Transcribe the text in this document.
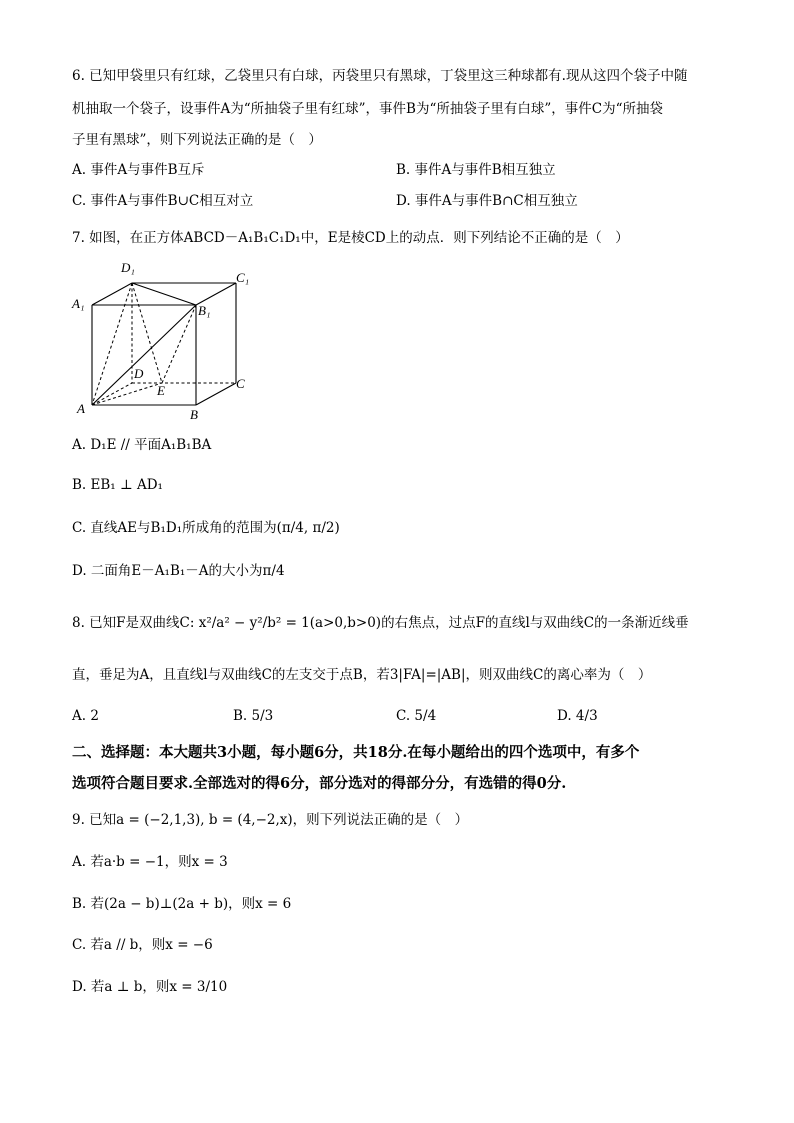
6. 已知甲袋里只有红球，乙袋里只有白球，丙袋里只有黑球，丁袋里这三种球都有.现从这四个袋子中随
机抽取一个袋子，设事件A为“所抽袋子里有红球”，事件B为“所抽袋子里有白球”，事件C为“所抽袋
子里有黑球”，则下列说法正确的是（　）
A. 事件A与事件B互斥	B. 事件A与事件B相互独立
C. 事件A与事件B∪C相互对立	D. 事件A与事件B∩C相互独立
7. 如图，在正方体ABCD－A₁B₁C₁D₁中，E是棱CD上的动点．则下列结论不正确的是（　）
D₁
C₁
A₁	B₁
D
E	C
A	B
A. D₁E // 平面A₁B₁BA
B. EB₁ ⊥ AD₁
C. 直线AE与B₁D₁所成角的范围为(π/4, π/2)
D. 二面角E－A₁B₁－A的大小为π/4
8. 已知F是双曲线C: x²/a² − y²/b² = 1(a>0,b>0)的右焦点，过点F的直线l与双曲线C的一条渐近线垂
直，垂足为A，且直线l与双曲线C的左支交于点B，若3|FA|=|AB|，则双曲线C的离心率为（　）
A. 2	B. 5/3	C. 5/4	D. 4/3
二、选择题：本大题共3小题，每小题6分，共18分.在每小题给出的四个选项中，有多个
选项符合题目要求.全部选对的得6分，部分选对的得部分分，有选错的得0分.
9. 已知a = (−2,1,3), b = (4,−2,x)，则下列说法正确的是（　）
A. 若a·b = −1，则x = 3
B. 若(2a − b)⊥(2a + b)，则x = 6
C. 若a // b，则x = −6
D. 若a ⊥ b，则x = 3/10
